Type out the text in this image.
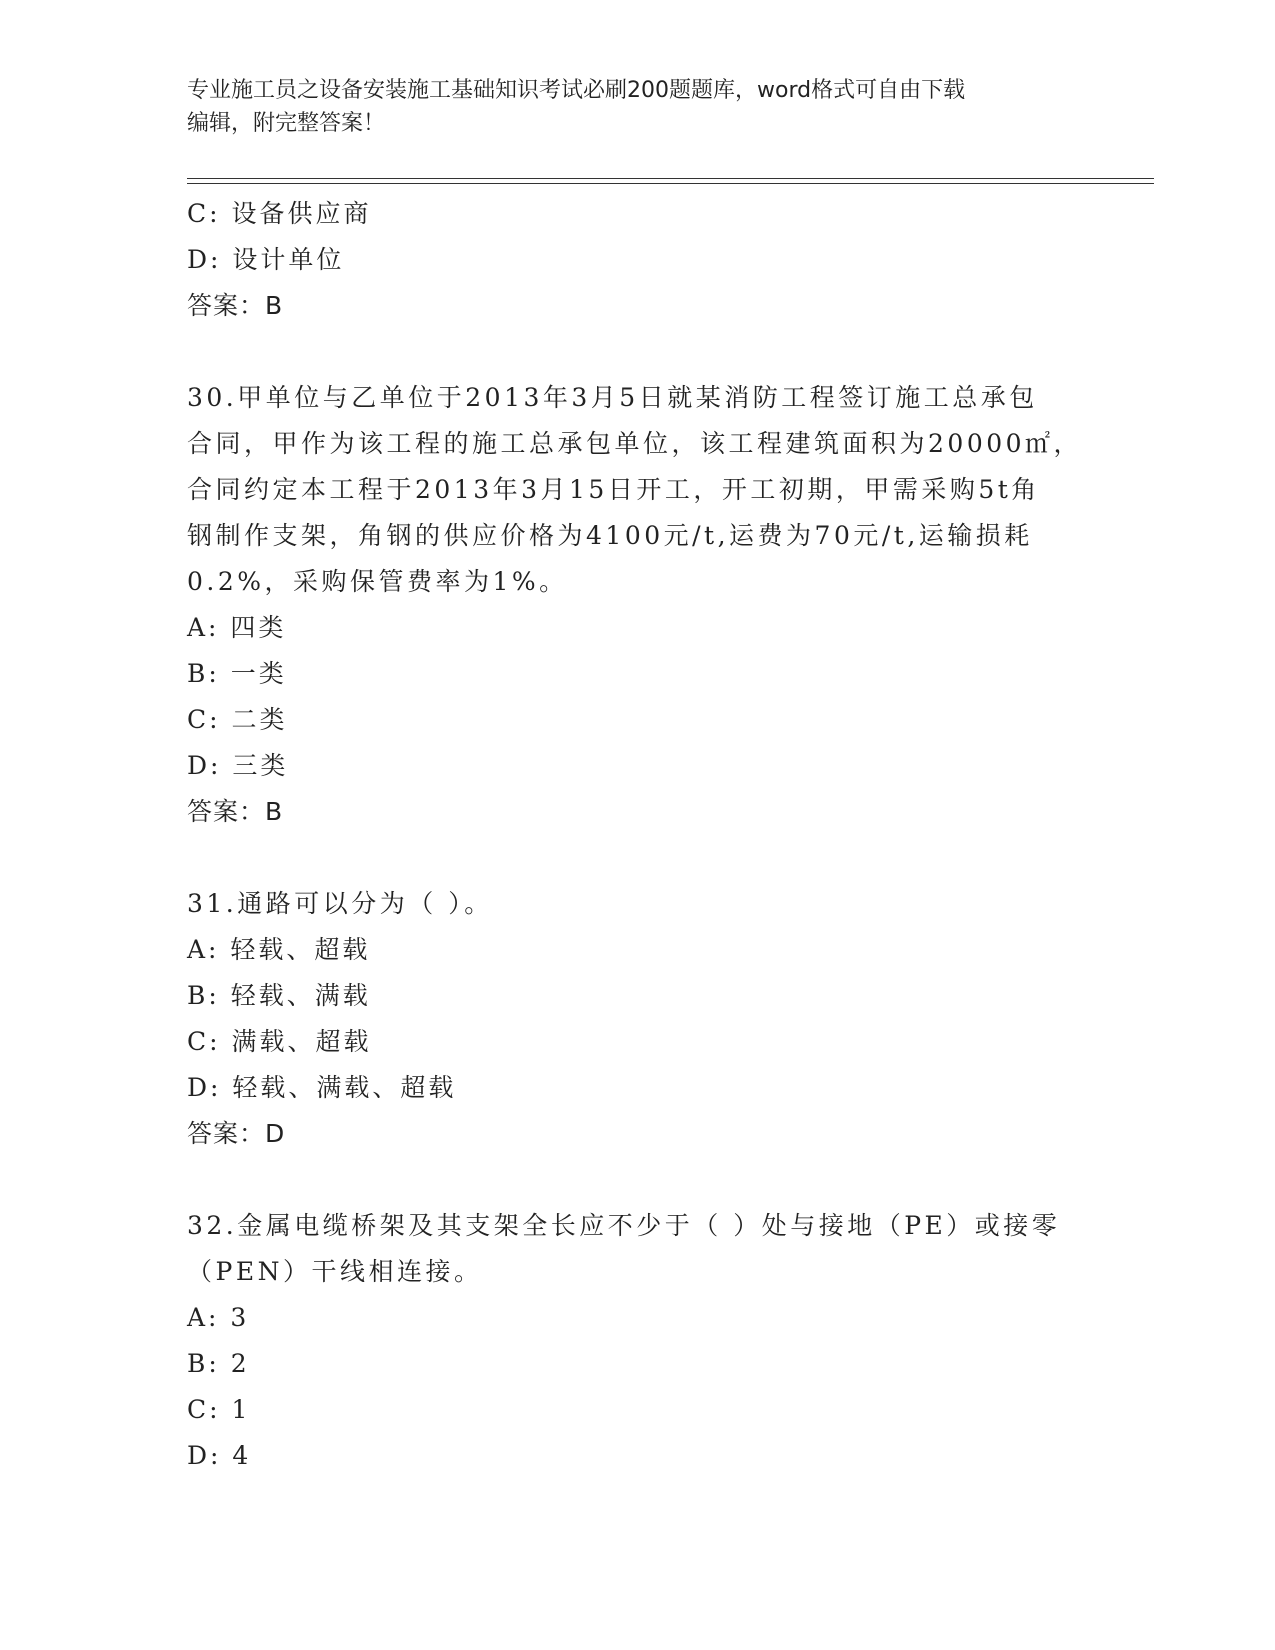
专业施工员之设备安装施工基础知识考试必刷200题题库，word格式可自由下载
编辑，附完整答案！
C: 设备供应商
D: 设计单位
答案：B
30.甲单位与乙单位于2013年3月5日就某消防工程签订施工总承包
合同，甲作为该工程的施工总承包单位，该工程建筑面积为20000㎡，
合同约定本工程于2013年3月15日开工，开工初期，甲需采购5t角
钢制作支架，角钢的供应价格为4100元/t,运费为70元/t,运输损耗
0.2%，采购保管费率为1%。
A: 四类
B: 一类
C: 二类
D: 三类
答案：B
31.通路可以分为（ ）。
A: 轻载、超载
B: 轻载、满载
C: 满载、超载
D: 轻载、满载、超载
答案：D
32.金属电缆桥架及其支架全长应不少于（ ）处与接地（PE）或接零
（PEN）干线相连接。
A: 3
B: 2
C: 1
D: 4
